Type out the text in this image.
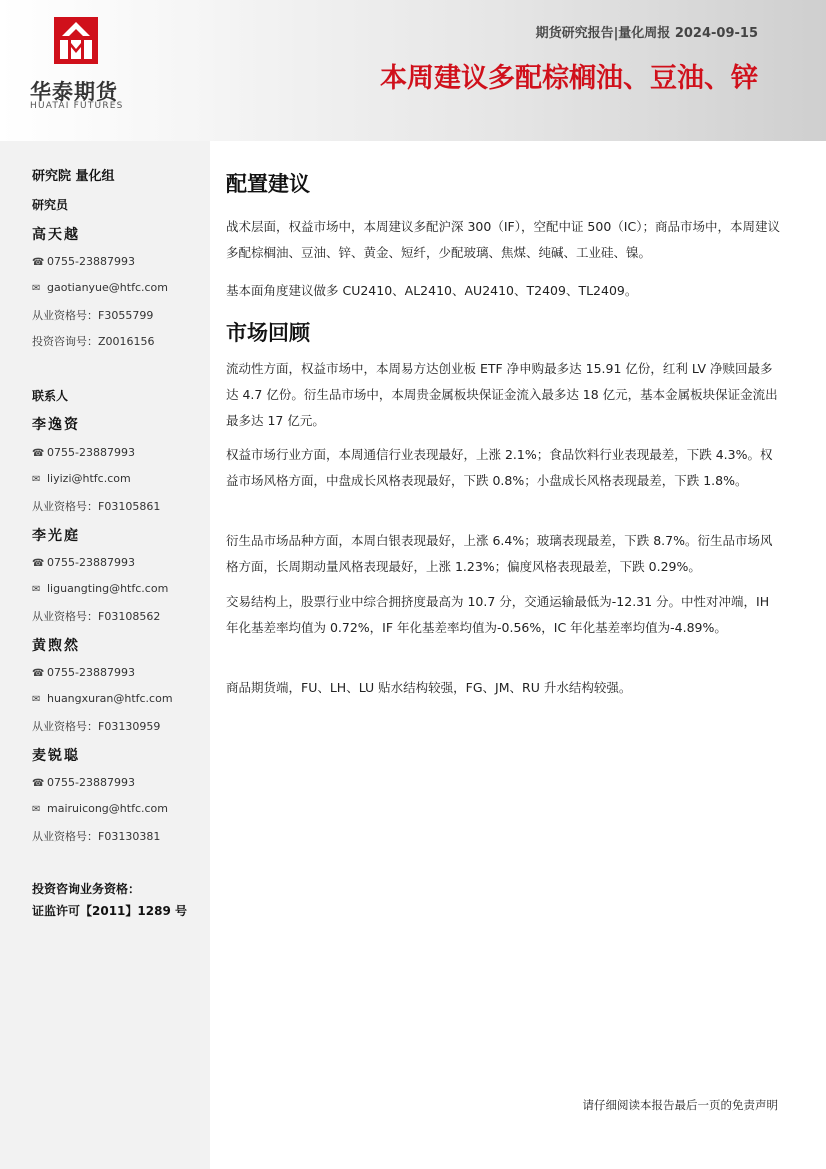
华泰期货
HUATAI FUTURES
期货研究报告|量化周报 2024-09-15
本周建议多配棕榈油、豆油、锌
研究院 量化组
研究员
高天越
☎ 0755-23887993
✉ gaotianyue@htfc.com
从业资格号：F3055799
投资咨询号：Z0016156
联系人
李逸资
☎ 0755-23887993
✉ liyizi@htfc.com
从业资格号：F03105861
李光庭
☎ 0755-23887993
✉ liguangting@htfc.com
从业资格号：F03108562
黄煦然
☎ 0755-23887993
✉ huangxuran@htfc.com
从业资格号：F03130959
麦锐聪
☎ 0755-23887993
✉ mairuicong@htfc.com
从业资格号：F03130381
投资咨询业务资格：
证监许可【2011】1289 号
配置建议

战术层面，权益市场中，本周建议多配沪深 300（IF），空配中证 500（IC）；商品市场中，本周建议多配棕榈油、豆油、锌、黄金、短纤，少配玻璃、焦煤、纯碱、工业硅、镍。

基本面角度建议做多 CU2410、AL2410、AU2410、T2409、TL2409。

市场回顾

流动性方面，权益市场中，本周易方达创业板 ETF 净申购最多达 15.91 亿份，红利 LV 净赎回最多达 4.7 亿份。衍生品市场中，本周贵金属板块保证金流入最多达 18 亿元，基本金属板块保证金流出最多达 17 亿元。

权益市场行业方面，本周通信行业表现最好，上涨 2.1%；食品饮料行业表现最差，下跌 4.3%。权益市场风格方面，中盘成长风格表现最好，下跌 0.8%；小盘成长风格表现最差，下跌 1.8%。

衍生品市场品种方面，本周白银表现最好，上涨 6.4%；玻璃表现最差，下跌 8.7%。衍生品市场风格方面，长周期动量风格表现最好，上涨 1.23%；偏度风格表现最差，下跌 0.29%。

交易结构上，股票行业中综合拥挤度最高为 10.7 分，交通运输最低为-12.31 分。中性对冲端，IH 年化基差率均值为 0.72%，IF 年化基差率均值为-0.56%，IC 年化基差率均值为-4.89%。

商品期货端，FU、LH、LU 贴水结构较强，FG、JM、RU 升水结构较强。

请仔细阅读本报告最后一页的免责声明
